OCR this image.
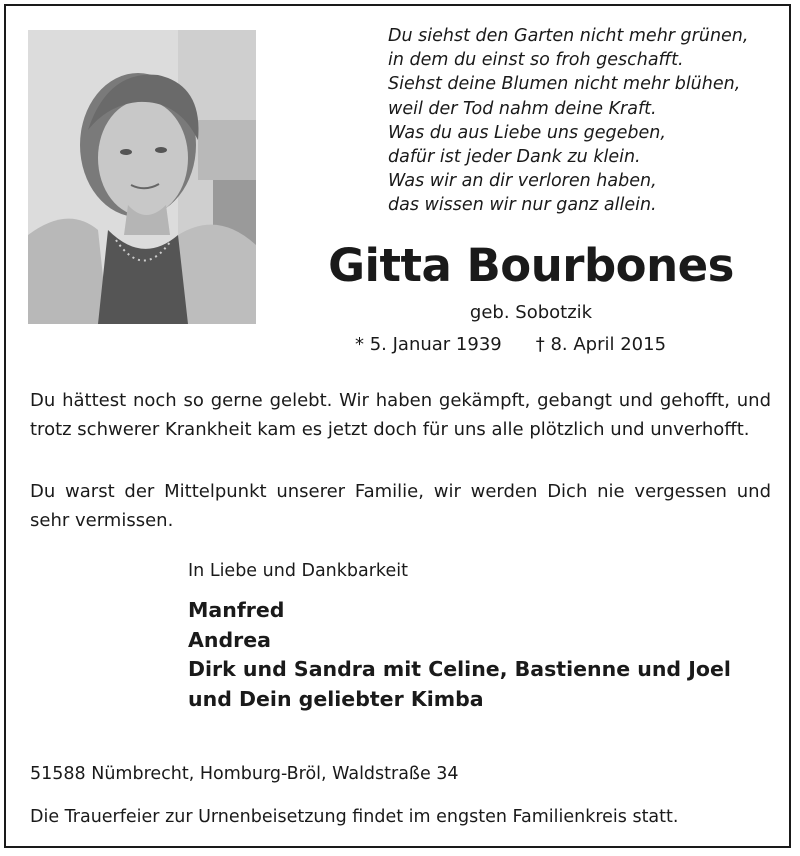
Du siehst den Garten nicht mehr grünen,
in dem du einst so froh geschafft.
Siehst deine Blumen nicht mehr blühen,
weil der Tod nahm deine Kraft.
Was du aus Liebe uns gegeben,
dafür ist jeder Dank zu klein.
Was wir an dir verloren haben,
das wissen wir nur ganz allein.
Gitta Bourbones
geb. Sobotzik
* 5. Januar 1939 † 8. April 2015
Du hättest noch so gerne gelebt. Wir haben gekämpft, gebangt und gehofft, und trotz schwerer Krankheit kam es jetzt doch für uns alle plötzlich und unverhofft.
Du warst der Mittelpunkt unserer Familie, wir werden Dich nie vergessen und sehr vermissen.
In Liebe und Dankbarkeit
Manfred
Andrea
Dirk und Sandra mit Celine, Bastienne und Joel
und Dein geliebter Kimba
51588 Nümbrecht, Homburg-Bröl, Waldstraße 34
Die Trauerfeier zur Urnenbeisetzung findet im engsten Familienkreis statt.
